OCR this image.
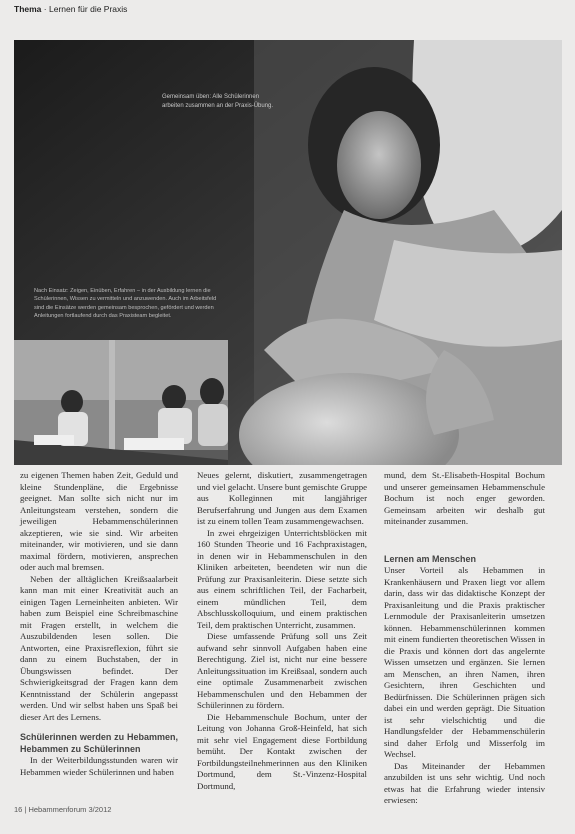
Thema · Lernen für die Praxis
Gemeinsam üben: Alle Schülerinnen arbeiten zusammen an der Praxis-Übung.
Nach Einsatz: Zeigen, Einüben, Erfahren – in der Ausbildung lernen die Schülerinnen, Wissen zu vermitteln und anzuwenden. Auch im Arbeitsfeld sind die Einsätze werden gemeinsam besprochen, gefördert und werden Anleitungen fortlaufend durch das Praxisteam begleitet.

zu eigenen Themen haben Zeit, Geduld und kleine Stundenpläne, die Ergebnisse geeignet. Man sollte sich nicht nur im Anleitungsteam verstehen, sondern die jeweiligen Hebammenschülerinnen akzeptieren, wie sie sind. Wir arbeiten miteinander, wir motivieren, und sie dann maximal fördern, motivieren, ansprechen oder auch mal bremsen.

Neben der alltäglichen Kreißsaalarbeit kann man mit einer Kreativität auch an einigen Tagen Lerneinheiten anbieten. Wir haben zum Beispiel eine Schreibmaschine mit Fragen erstellt, in welchem die Auszubildenden lesen sollen. Die Antworten, eine Praxisreflexion, führt sie dann zu einem Buchstaben, der in Übungswissen befindet. Der Schwierigkeitsgrad der Fragen kann dem Kenntnisstand der Schülerin angepasst werden. Und wir selbst haben uns Spaß bei dieser Art des Lernens.

Schülerinnen werden zu Hebammen, Hebammen zu Schülerinnen

In der Weiterbildungsstunden waren wir Hebammen wieder Schülerinnen und haben

Neues gelernt, diskutiert, zusammengetragen und viel gelacht. Unsere bunt gemischte Gruppe aus Kolleginnen mit langjähriger Berufserfahrung und Jungen aus dem Examen ist zu einem tollen Team zusammengewachsen.

In zwei ehrgeizigen Unterrichtsblöcken mit 160 Stunden Theorie und 16 Fachpraxistagen, in denen wir in Hebammenschulen in den Kliniken arbeiteten, beendeten wir nun die Prüfung zur Praxisanleiterin. Diese setzte sich aus einem schriftlichen Teil, der Facharbeit, einem mündlichen Teil, dem Abschlusskolloquium, und einem praktischen Teil, dem praktischen Unterricht, zusammen.

Diese umfassende Prüfung soll uns Zeit aufwand sehr sinnvoll Aufgaben haben eine Berechtigung. Ziel ist, nicht nur eine bessere Anleitungssituation im Kreißsaal, sondern auch eine optimale Zusammenarbeit zwischen Hebammenschulen und den Hebammen der Schülerinnen zu fördern.

Die Hebammenschule Bochum, unter der Leitung von Johanna Groß-Heinfeld, hat sich mit sehr viel Engagement diese Fortbildung bemüht. Der Kontakt zwischen der Fortbildungsteilnehmerinnen aus den Kliniken Dortmund, dem St.-Vinzenz-Hospital Dortmund,

mund, dem St.-Elisabeth-Hospital Bochum und unserer gemeinsamen Hebammenschule Bochum ist noch enger geworden. Gemeinsam arbeiten wir deshalb gut miteinander zusammen.

Lernen am Menschen

Unser Vorteil als Hebammen in Krankenhäusern und Praxen liegt vor allem darin, dass wir das didaktische Konzept der Praxisanleitung und die Praxis praktischer Lernmodule der Praxisanleiterin umsetzen können. Hebammenschülerinnen kommen mit einem fundierten theoretischen Wissen in die Praxis und können dort das angelernte Wissen umsetzen und ergänzen. Sie lernen am Menschen, an ihren Namen, ihren Gesichtern, ihren Geschichten und Bedürfnissen. Die Schülerinnen prägen sich dabei ein und werden geprägt. Die Situation ist sehr vielschichtig und die Handlungsfelder der Hebammenschülerin sind daher Erfolg und Misserfolg im Wechsel.

Das Miteinander der Hebammen anzubilden ist uns sehr wichtig. Und noch etwas hat die Erfahrung wieder intensiv erwiesen:

16 | Hebammenforum 3/2012
